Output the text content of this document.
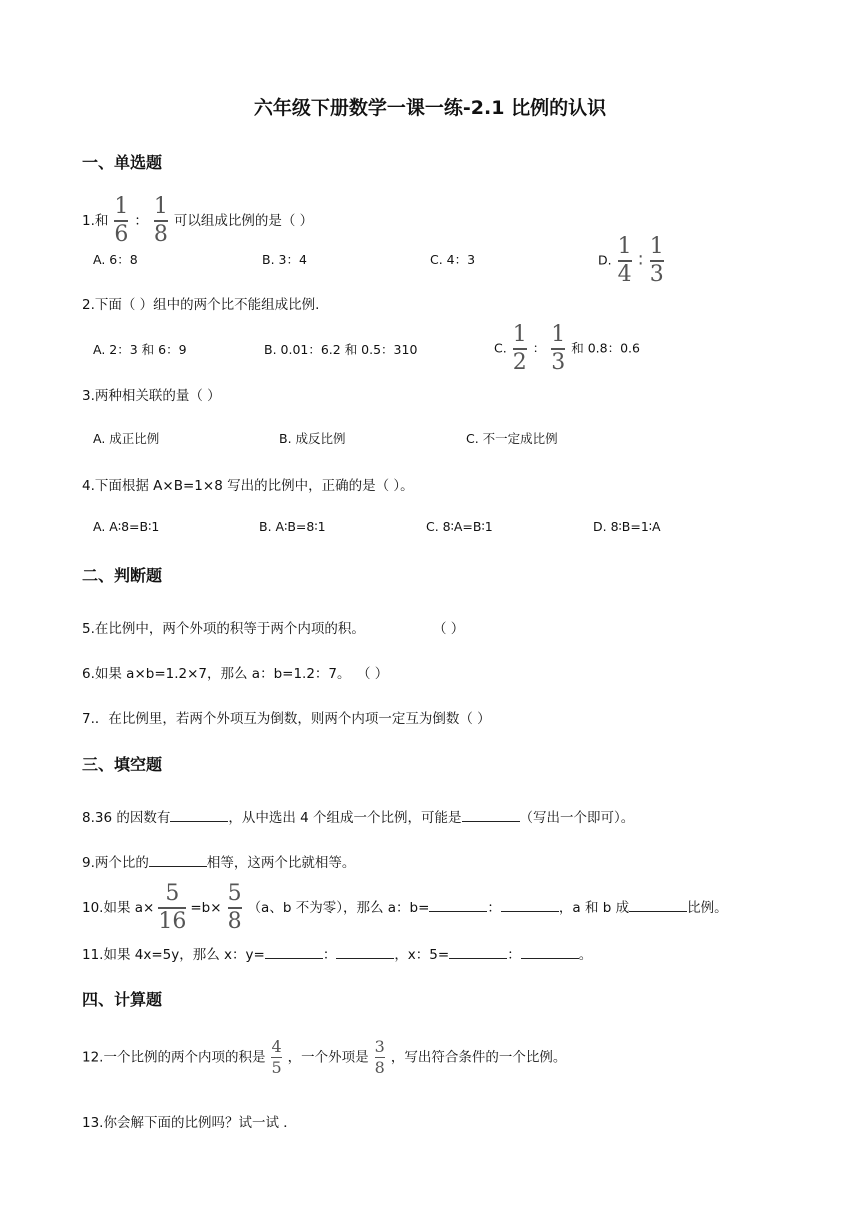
六年级下册数学一课一练-2.1 比例的认识
一、单选题
1.和 $\frac{1}{6}$ ： $\frac{1}{8}$ 可以组成比例的是（ ）
A. 6：8	B. 3：4	C. 4：3	D. $\frac{1}{4}$ : $\frac{1}{3}$
2.下面（ ）组中的两个比不能组成比例.
A. 2：3 和 6：9	B. 0.01：6.2 和 0.5：310	C. $\frac{1}{2}$ ： $\frac{1}{3}$ 和 0.8：0.6
3.两种相关联的量（ ）
A. 成正比例	B. 成反比例	C. 不一定成比例
4.下面根据 A×B=1×8 写出的比例中，正确的是（ ）。
A. A∶8=B∶1	B. A∶B=8∶1	C. 8∶A=B∶1	D. 8∶B=1∶A
二、判断题
5.在比例中，两个外项的积等于两个内项的积。	（ ）
6.如果 a×b=1.2×7，那么 a：b=1.2：7。 （ ）
7.．在比例里，若两个外项互为倒数，则两个内项一定互为倒数（ ）
三、填空题
8.36 的因数有	，从中选出 4 个组成一个比例，可能是	（写出一个即可）。
9.两个比的	相等，这两个比就相等。
10.如果 $a\times \frac{5}{16} =b\times \frac{5}{8} (a$、b 不为零），那么 a：b=	：	，a 和 b 成	比例。
11.如果 4x=5y，那么 x：y=	：	，x：5=	：	。
四、计算题
12.一个比例的两个内项的积是 $\frac{4}{5}$ ，一个外项是 $\frac{3}{8}$ ，写出符合条件的一个比例。
13.你会解下面的比例吗？试一试 ．
